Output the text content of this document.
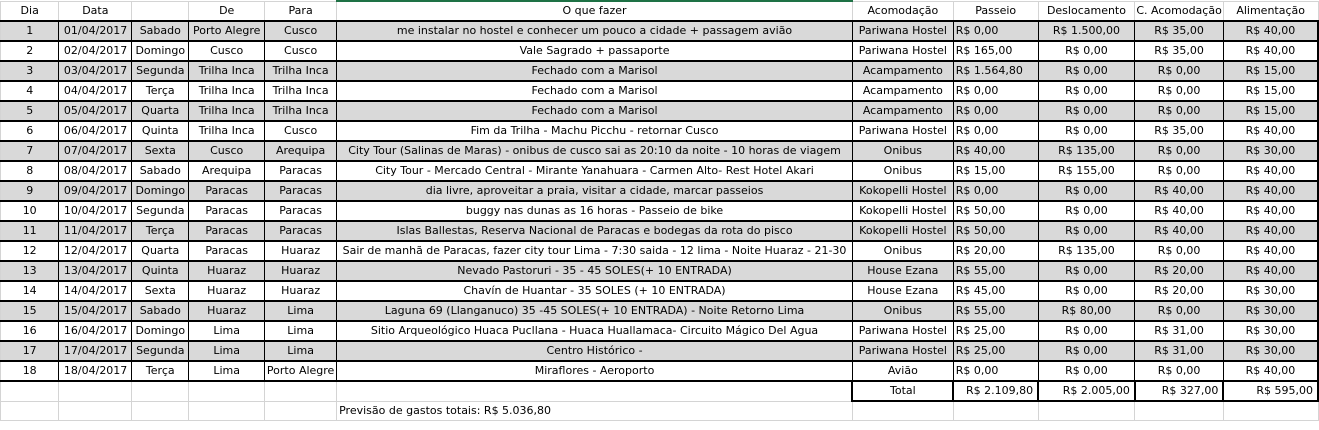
Dia	Data		De	Para	O que fazer	Acomodação	Passeio	Deslocamento	C. Acomodação	Alimentação
1	01/04/2017	Sabado	Porto Alegre	Cusco	me instalar no hostel e conhecer um pouco a cidade + passagem avião	Pariwana Hostel	R$ 0,00	R$ 1.500,00	R$ 35,00	R$ 40,00
2	02/04/2017	Domingo	Cusco	Cusco	Vale Sagrado + passaporte	Pariwana Hostel	R$ 165,00	R$ 0,00	R$ 35,00	R$ 40,00
3	03/04/2017	Segunda	Trilha Inca	Trilha Inca	Fechado com a Marisol	Acampamento	R$ 1.564,80	R$ 0,00	R$ 0,00	R$ 15,00
4	04/04/2017	Terça	Trilha Inca	Trilha Inca	Fechado com a Marisol	Acampamento	R$ 0,00	R$ 0,00	R$ 0,00	R$ 15,00
5	05/04/2017	Quarta	Trilha Inca	Trilha Inca	Fechado com a Marisol	Acampamento	R$ 0,00	R$ 0,00	R$ 0,00	R$ 15,00
6	06/04/2017	Quinta	Trilha Inca	Cusco	Fim da Trilha - Machu Picchu - retornar Cusco	Pariwana Hostel	R$ 0,00	R$ 0,00	R$ 35,00	R$ 40,00
7	07/04/2017	Sexta	Cusco	Arequipa	City Tour (Salinas de Maras) - onibus de cusco sai as 20:10 da noite - 10 horas de viagem	Onibus	R$ 40,00	R$ 135,00	R$ 0,00	R$ 30,00
8	08/04/2017	Sabado	Arequipa	Paracas	City Tour - Mercado Central - Mirante Yanahuara - Carmen Alto- Rest Hotel Akari	Onibus	R$ 15,00	R$ 155,00	R$ 0,00	R$ 40,00
9	09/04/2017	Domingo	Paracas	Paracas	dia livre, aproveitar a praia, visitar a cidade, marcar passeios	Kokopelli Hostel	R$ 0,00	R$ 0,00	R$ 40,00	R$ 40,00
10	10/04/2017	Segunda	Paracas	Paracas	buggy nas dunas as 16 horas - Passeio de bike	Kokopelli Hostel	R$ 50,00	R$ 0,00	R$ 40,00	R$ 40,00
11	11/04/2017	Terça	Paracas	Paracas	Islas Ballestas, Reserva Nacional de Paracas e bodegas da rota do pisco	Kokopelli Hostel	R$ 50,00	R$ 0,00	R$ 40,00	R$ 40,00
12	12/04/2017	Quarta	Paracas	Huaraz	Sair de manhã de Paracas, fazer city tour Lima - 7:30 saida - 12 lima - Noite Huaraz - 21-30	Onibus	R$ 20,00	R$ 135,00	R$ 0,00	R$ 40,00
13	13/04/2017	Quinta	Huaraz	Huaraz	Nevado Pastoruri - 35 - 45 SOLES(+ 10 ENTRADA)	House Ezana	R$ 55,00	R$ 0,00	R$ 20,00	R$ 40,00
14	14/04/2017	Sexta	Huaraz	Huaraz	Chavín de Huantar - 35 SOLES (+ 10 ENTRADA)	House Ezana	R$ 45,00	R$ 0,00	R$ 20,00	R$ 30,00
15	15/04/2017	Sabado	Huaraz	Lima	Laguna 69 (Llanganuco) 35 -45 SOLES(+ 10 ENTRADA) - Noite Retorno Lima	Onibus	R$ 55,00	R$ 80,00	R$ 0,00	R$ 30,00
16	16/04/2017	Domingo	Lima	Lima	Sitio Arqueológico Huaca Pucllana - Huaca Huallamaca- Circuito Mágico Del Agua	Pariwana Hostel	R$ 25,00	R$ 0,00	R$ 31,00	R$ 30,00
17	17/04/2017	Segunda	Lima	Lima	Centro Histórico -	Pariwana Hostel	R$ 25,00	R$ 0,00	R$ 31,00	R$ 30,00
18	18/04/2017	Terça	Lima	Porto Alegre	Miraflores - Aeroporto	Avião	R$ 0,00	R$ 0,00	R$ 0,00	R$ 40,00
						Total	R$ 2.109,80	R$ 2.005,00	R$ 327,00	R$ 595,00
					Previsão de gastos totais: R$ 5.036,80					
